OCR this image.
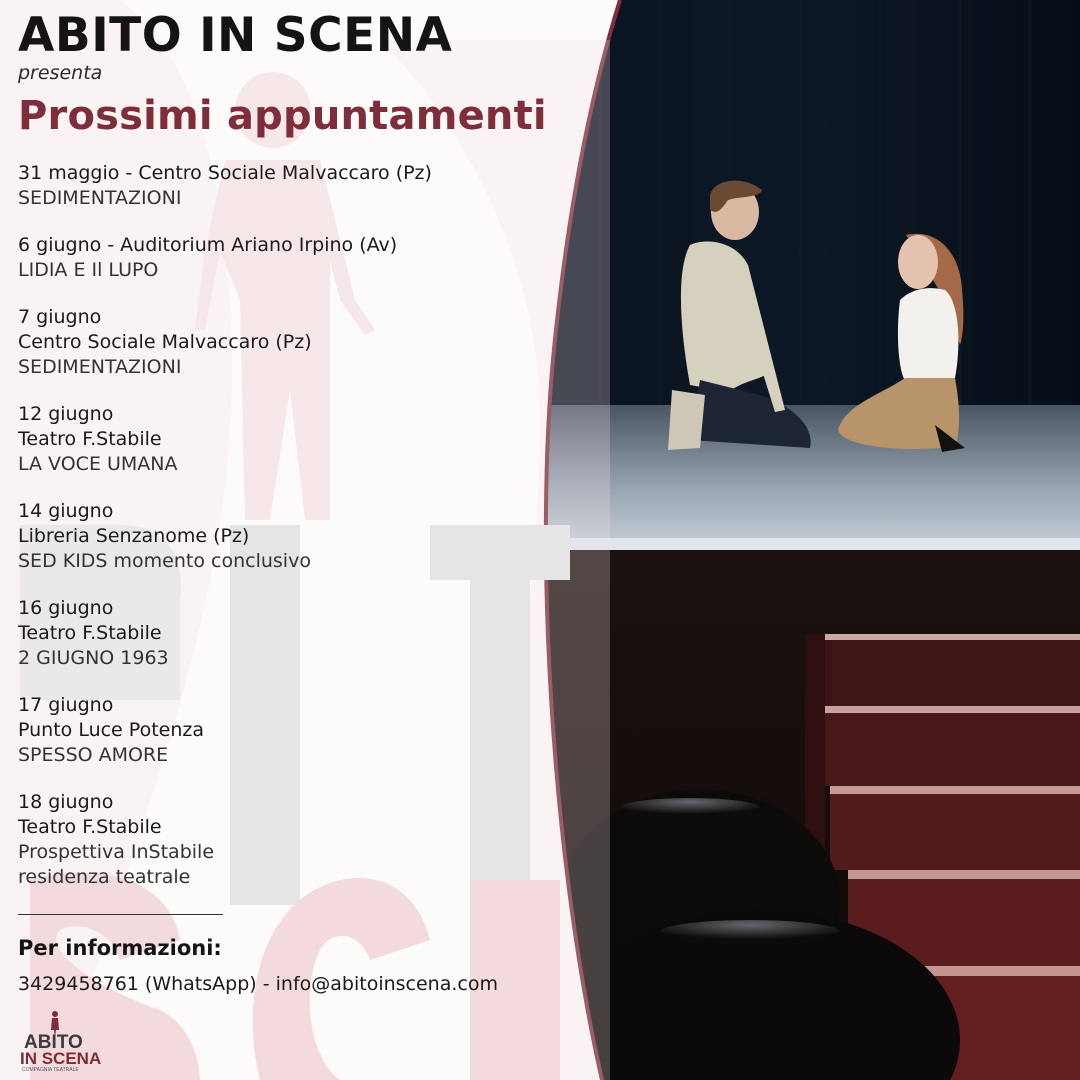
ABITO IN SCENA
presenta
Prossimi appuntamenti
31 maggio - Centro Sociale Malvaccaro (Pz)
SEDIMENTAZIONI
6 giugno - Auditorium Ariano Irpino (Av)
LIDIA E Il LUPO
7 giugno
Centro Sociale Malvaccaro (Pz)
SEDIMENTAZIONI
12 giugno
Teatro F.Stabile
LA VOCE UMANA
14 giugno
Libreria Senzanome (Pz)
SED KIDS momento conclusivo
16 giugno
Teatro F.Stabile
2 GIUGNO 1963
17 giugno
Punto Luce Potenza
SPESSO AMORE
18 giugno
Teatro F.Stabile
Prospettiva InStabile
residenza teatrale
Per informazioni:
3429458761 (WhatsApp) - info@abitoinscena.com
ABITO
IN SCENA
COMPAGNIA TEATRALE
